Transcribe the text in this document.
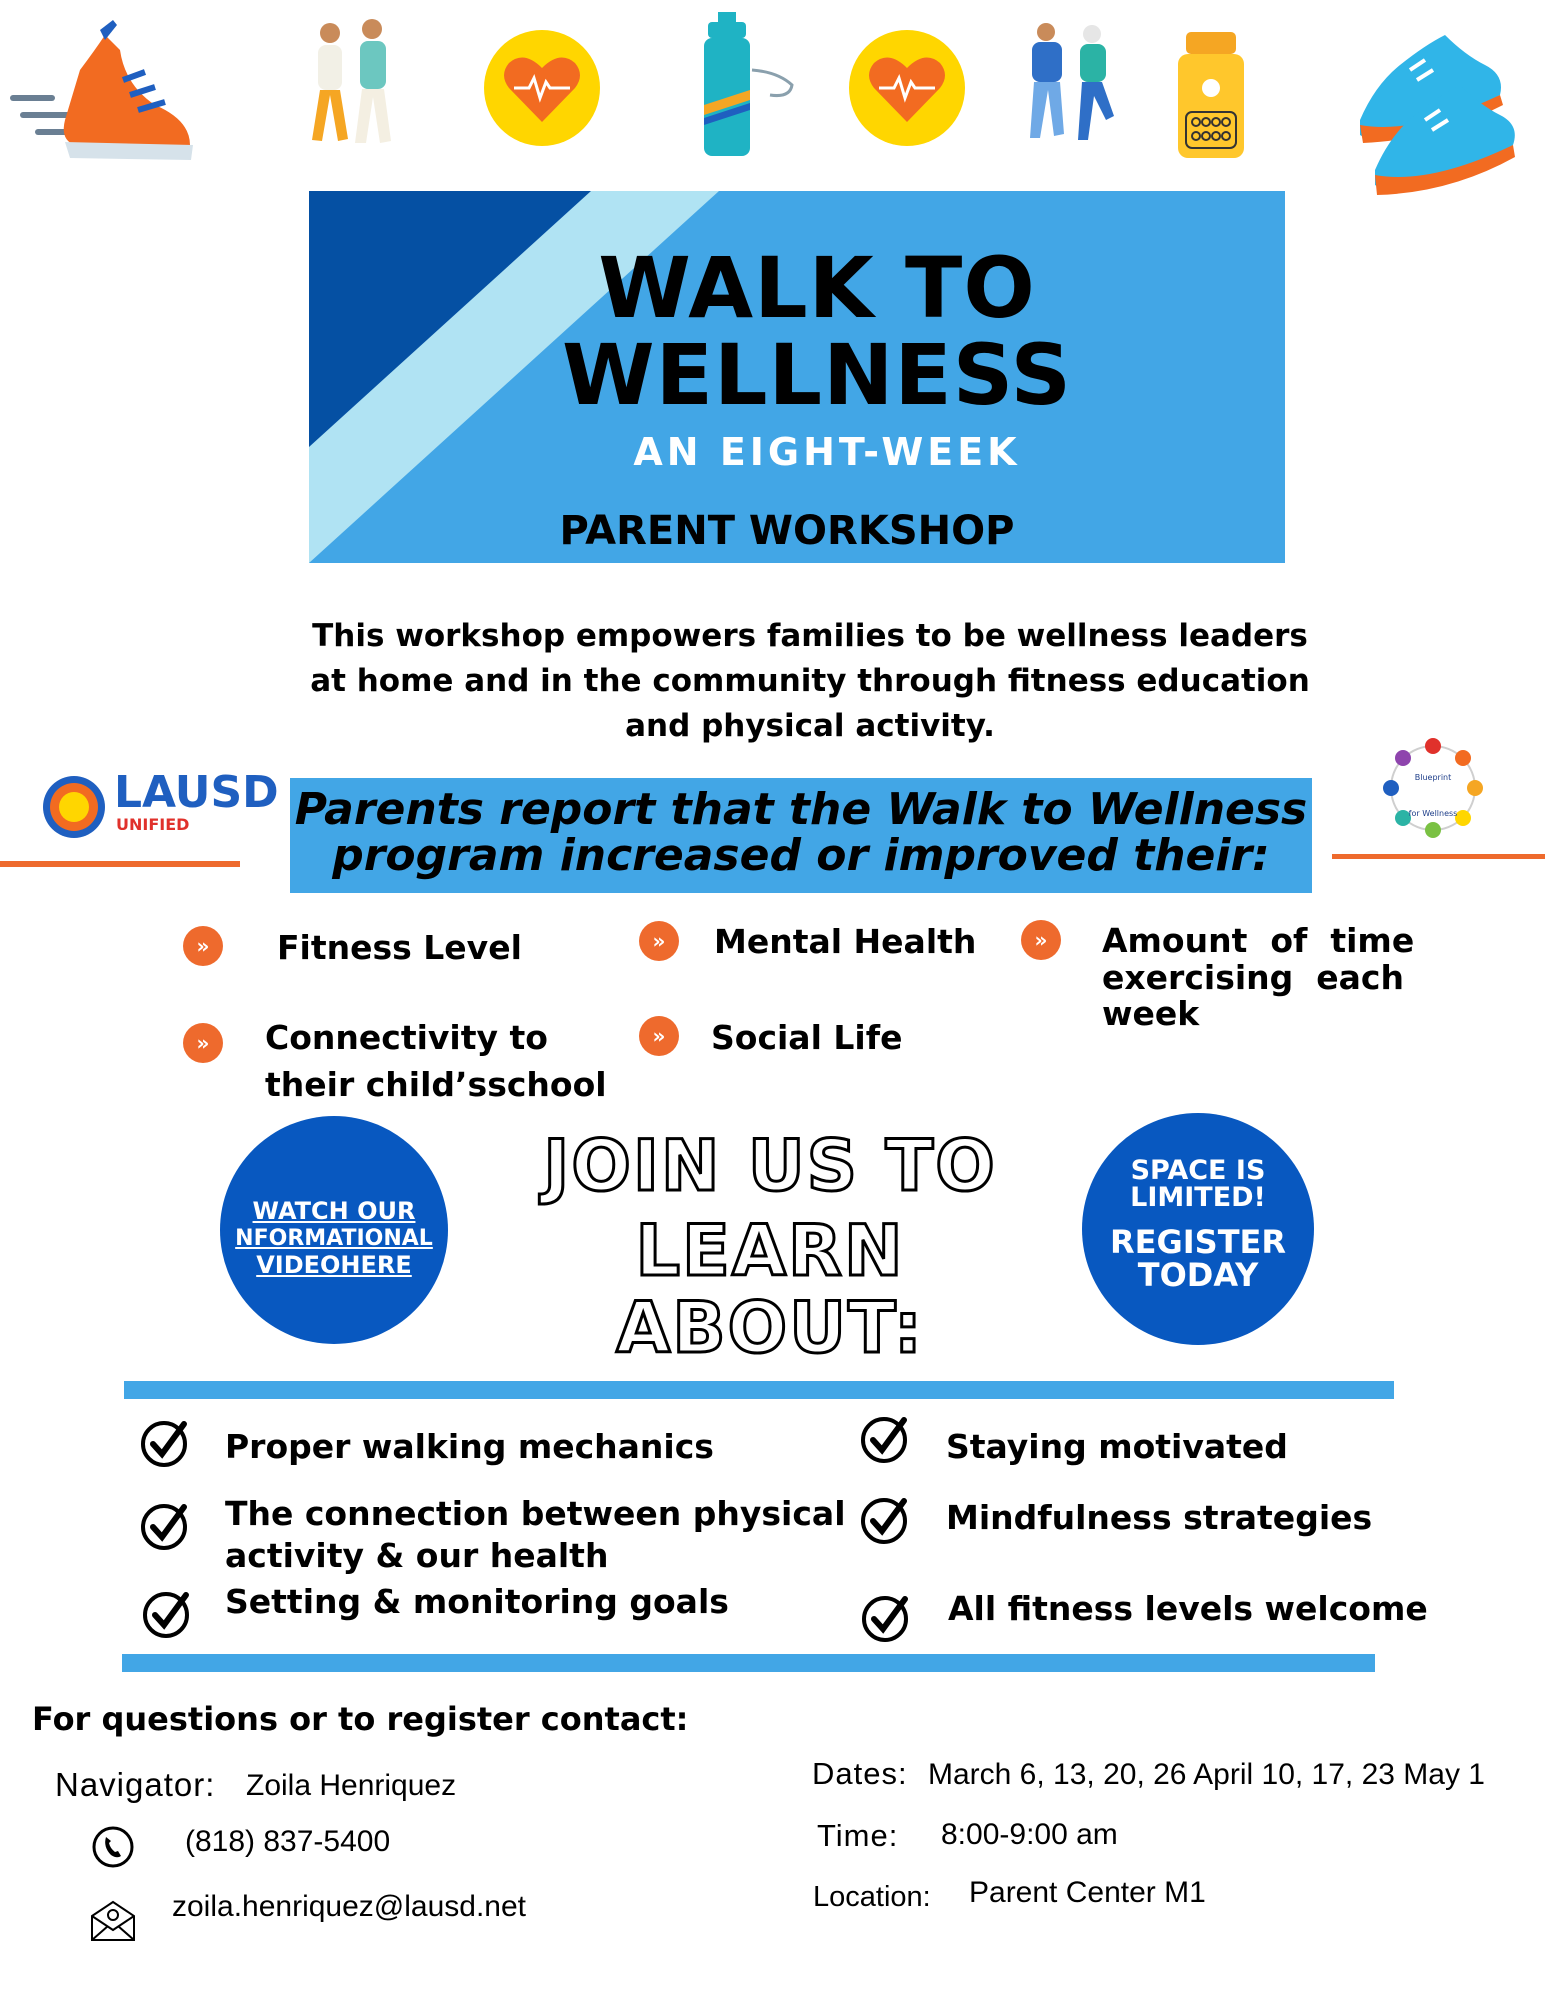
WALK TO
WELLNESS
AN EIGHT-WEEK
PARENT WORKSHOP
This workshop empowers families to be wellness leaders at home and in the community through fitness education and physical activity.
LAUSD
UNIFIED Parents report that the Walk to Wellness
program increased or improved their:
Blueprint
for Wellness
»	Fitness Level	»	Mental Health	»	Amount  of  time
exercising  each
week
»	Connectivity to
their child’sschool
»	Social Life
WATCH OUR
NFORMATIONAL
VIDEOHERE
JOIN US TO
LEARN ABOUT:
SPACE IS
LIMITED!
REGISTER
TODAY
Proper walking mechanics
The connection between physical
activity & our health
Setting & monitoring goals
Staying motivated
Mindfulness strategies
All fitness levels welcome
For questions or to register contact:
Navigator: Zoila Henriquez
(818) 837-5400
zoila.henriquez@lausd.net
Dates: March 6, 13, 20, 26 April 10, 17, 23 May 1
Time: 8:00-9:00 am
Location: Parent Center M1
